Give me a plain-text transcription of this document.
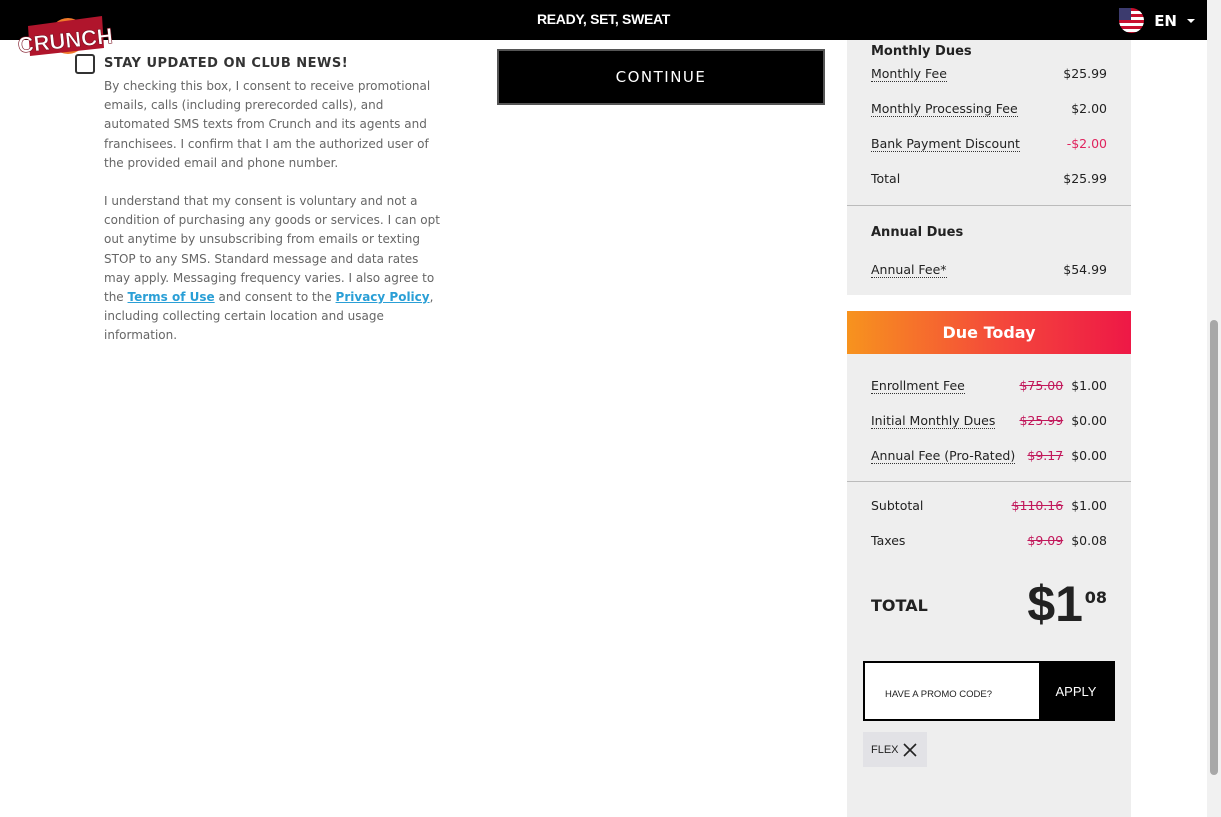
READY, SET, SWEAT	EN
CRUNCH
STAY UPDATED ON CLUB NEWS!

By checking this box, I consent to receive promotional emails, calls (including prerecorded calls), and automated SMS texts from Crunch and its agents and franchisees. I confirm that I am the authorized user of the provided email and phone number.

I understand that my consent is voluntary and not a condition of purchasing any goods or services. I can opt out anytime by unsubscribing from emails or texting STOP to any SMS. Standard message and data rates may apply. Messaging frequency varies. I also agree to the Terms of Use and consent to the Privacy Policy, including collecting certain location and usage information.

CONTINUE
Monthly Dues
Monthly Fee	$25.99
Monthly Processing Fee	$2.00
Bank Payment Discount	-$2.00
Total	$25.99
Annual Dues
Annual Fee*	$54.99
Due Today
Enrollment Fee	$75.00 $1.00
Initial Monthly Dues $25.99 $0.00
Annual Fee (Pro-Rated) $9.17 $0.00
Subtotal	$110.16 $1.00
Taxes	$9.09 $0.08
TOTAL $1 08
HAVE A PROMO CODE?
APPLY
FLEX
